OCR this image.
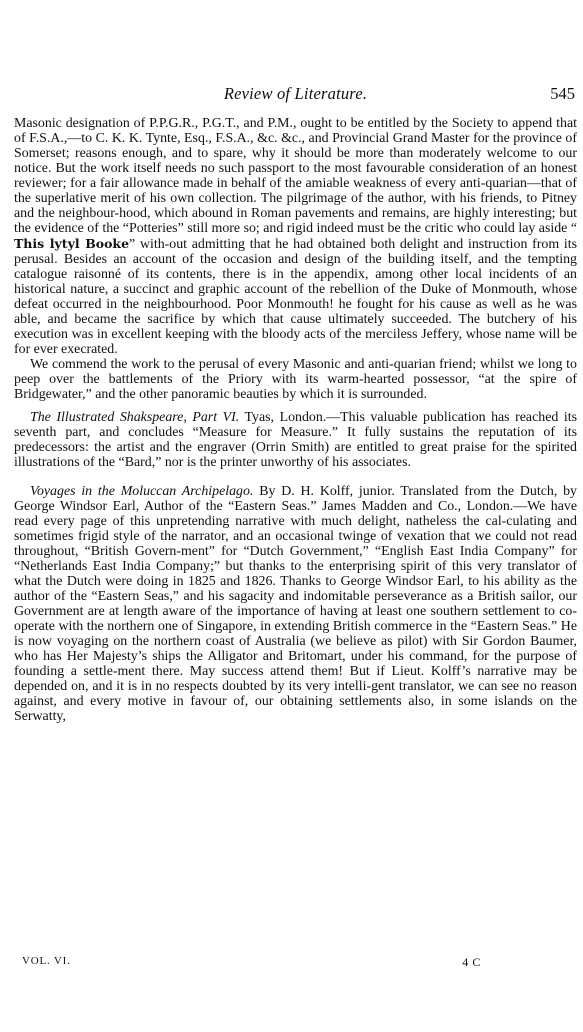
Review of Literature.	545

Masonic designation of P.P.G.R., P.G.T., and P.M., ought to be entitled by the Society to append that of F.S.A.,—to C. K. K. Tynte, Esq., F.S.A., &c. &c., and Provincial Grand Master for the province of Somerset; reasons enough, and to spare, why it should be more than moderately welcome to our notice. But the work itself needs no such passport to the most favourable consideration of an honest reviewer; for a fair allowance made in behalf of the amiable weakness of every anti-quarian—that of the superlative merit of his own collection. The pilgrimage of the author, with his friends, to Pitney and the neighbour-hood, which abound in Roman pavements and remains, are highly interesting; but the evidence of the “Potteries” still more so; and rigid indeed must be the critic who could lay aside “ This lytyl Booke” with-out admitting that he had obtained both delight and instruction from its perusal. Besides an account of the occasion and design of the building itself, and the tempting catalogue raisonné of its contents, there is in the appendix, among other local incidents of an historical nature, a succinct and graphic account of the rebellion of the Duke of Monmouth, whose defeat occurred in the neighbourhood. Poor Monmouth! he fought for his cause as well as he was able, and became the sacrifice by which that cause ultimately succeeded. The butchery of his execution was in excellent keeping with the bloody acts of the merciless Jeffery, whose name will be for ever execrated.

We commend the work to the perusal of every Masonic and anti-quarian friend; whilst we long to peep over the battlements of the Priory with its warm-hearted possessor, “at the spire of Bridgewater,” and the other panoramic beauties by which it is surrounded.

The Illustrated Shakspeare, Part VI. Tyas, London.—This valuable publication has reached its seventh part, and concludes “Measure for Measure.” It fully sustains the reputation of its predecessors: the artist and the engraver (Orrin Smith) are entitled to great praise for the spirited illustrations of the “Bard,” nor is the printer unworthy of his associates.

Voyages in the Moluccan Archipelago. By D. H. Kolff, junior. Translated from the Dutch, by George Windsor Earl, Author of the “Eastern Seas.” James Madden and Co., London.—We have read every page of this unpretending narrative with much delight, natheless the cal-culating and sometimes frigid style of the narrator, and an occasional twinge of vexation that we could not read throughout, “British Govern-ment” for “Dutch Government,” “English East India Company” for “Netherlands East India Company;” but thanks to the enterprising spirit of this very translator of what the Dutch were doing in 1825 and 1826. Thanks to George Windsor Earl, to his ability as the author of the “Eastern Seas,” and his sagacity and indomitable perseverance as a British sailor, our Government are at length aware of the importance of having at least one southern settlement to co-operate with the northern one of Singapore, in extending British commerce in the “Eastern Seas.” He is now voyaging on the northern coast of Australia (we believe as pilot) with Sir Gordon Baumer, who has Her Majesty’s ships the Alligator and Britomart, under his command, for the purpose of founding a settle-ment there. May success attend them! But if Lieut. Kolff’s narrative may be depended on, and it is in no respects doubted by its very intelli-gent translator, we can see no reason against, and every motive in favour of, our obtaining settlements also, in some islands on the Serwatty,

VOL. VI.	4 C
